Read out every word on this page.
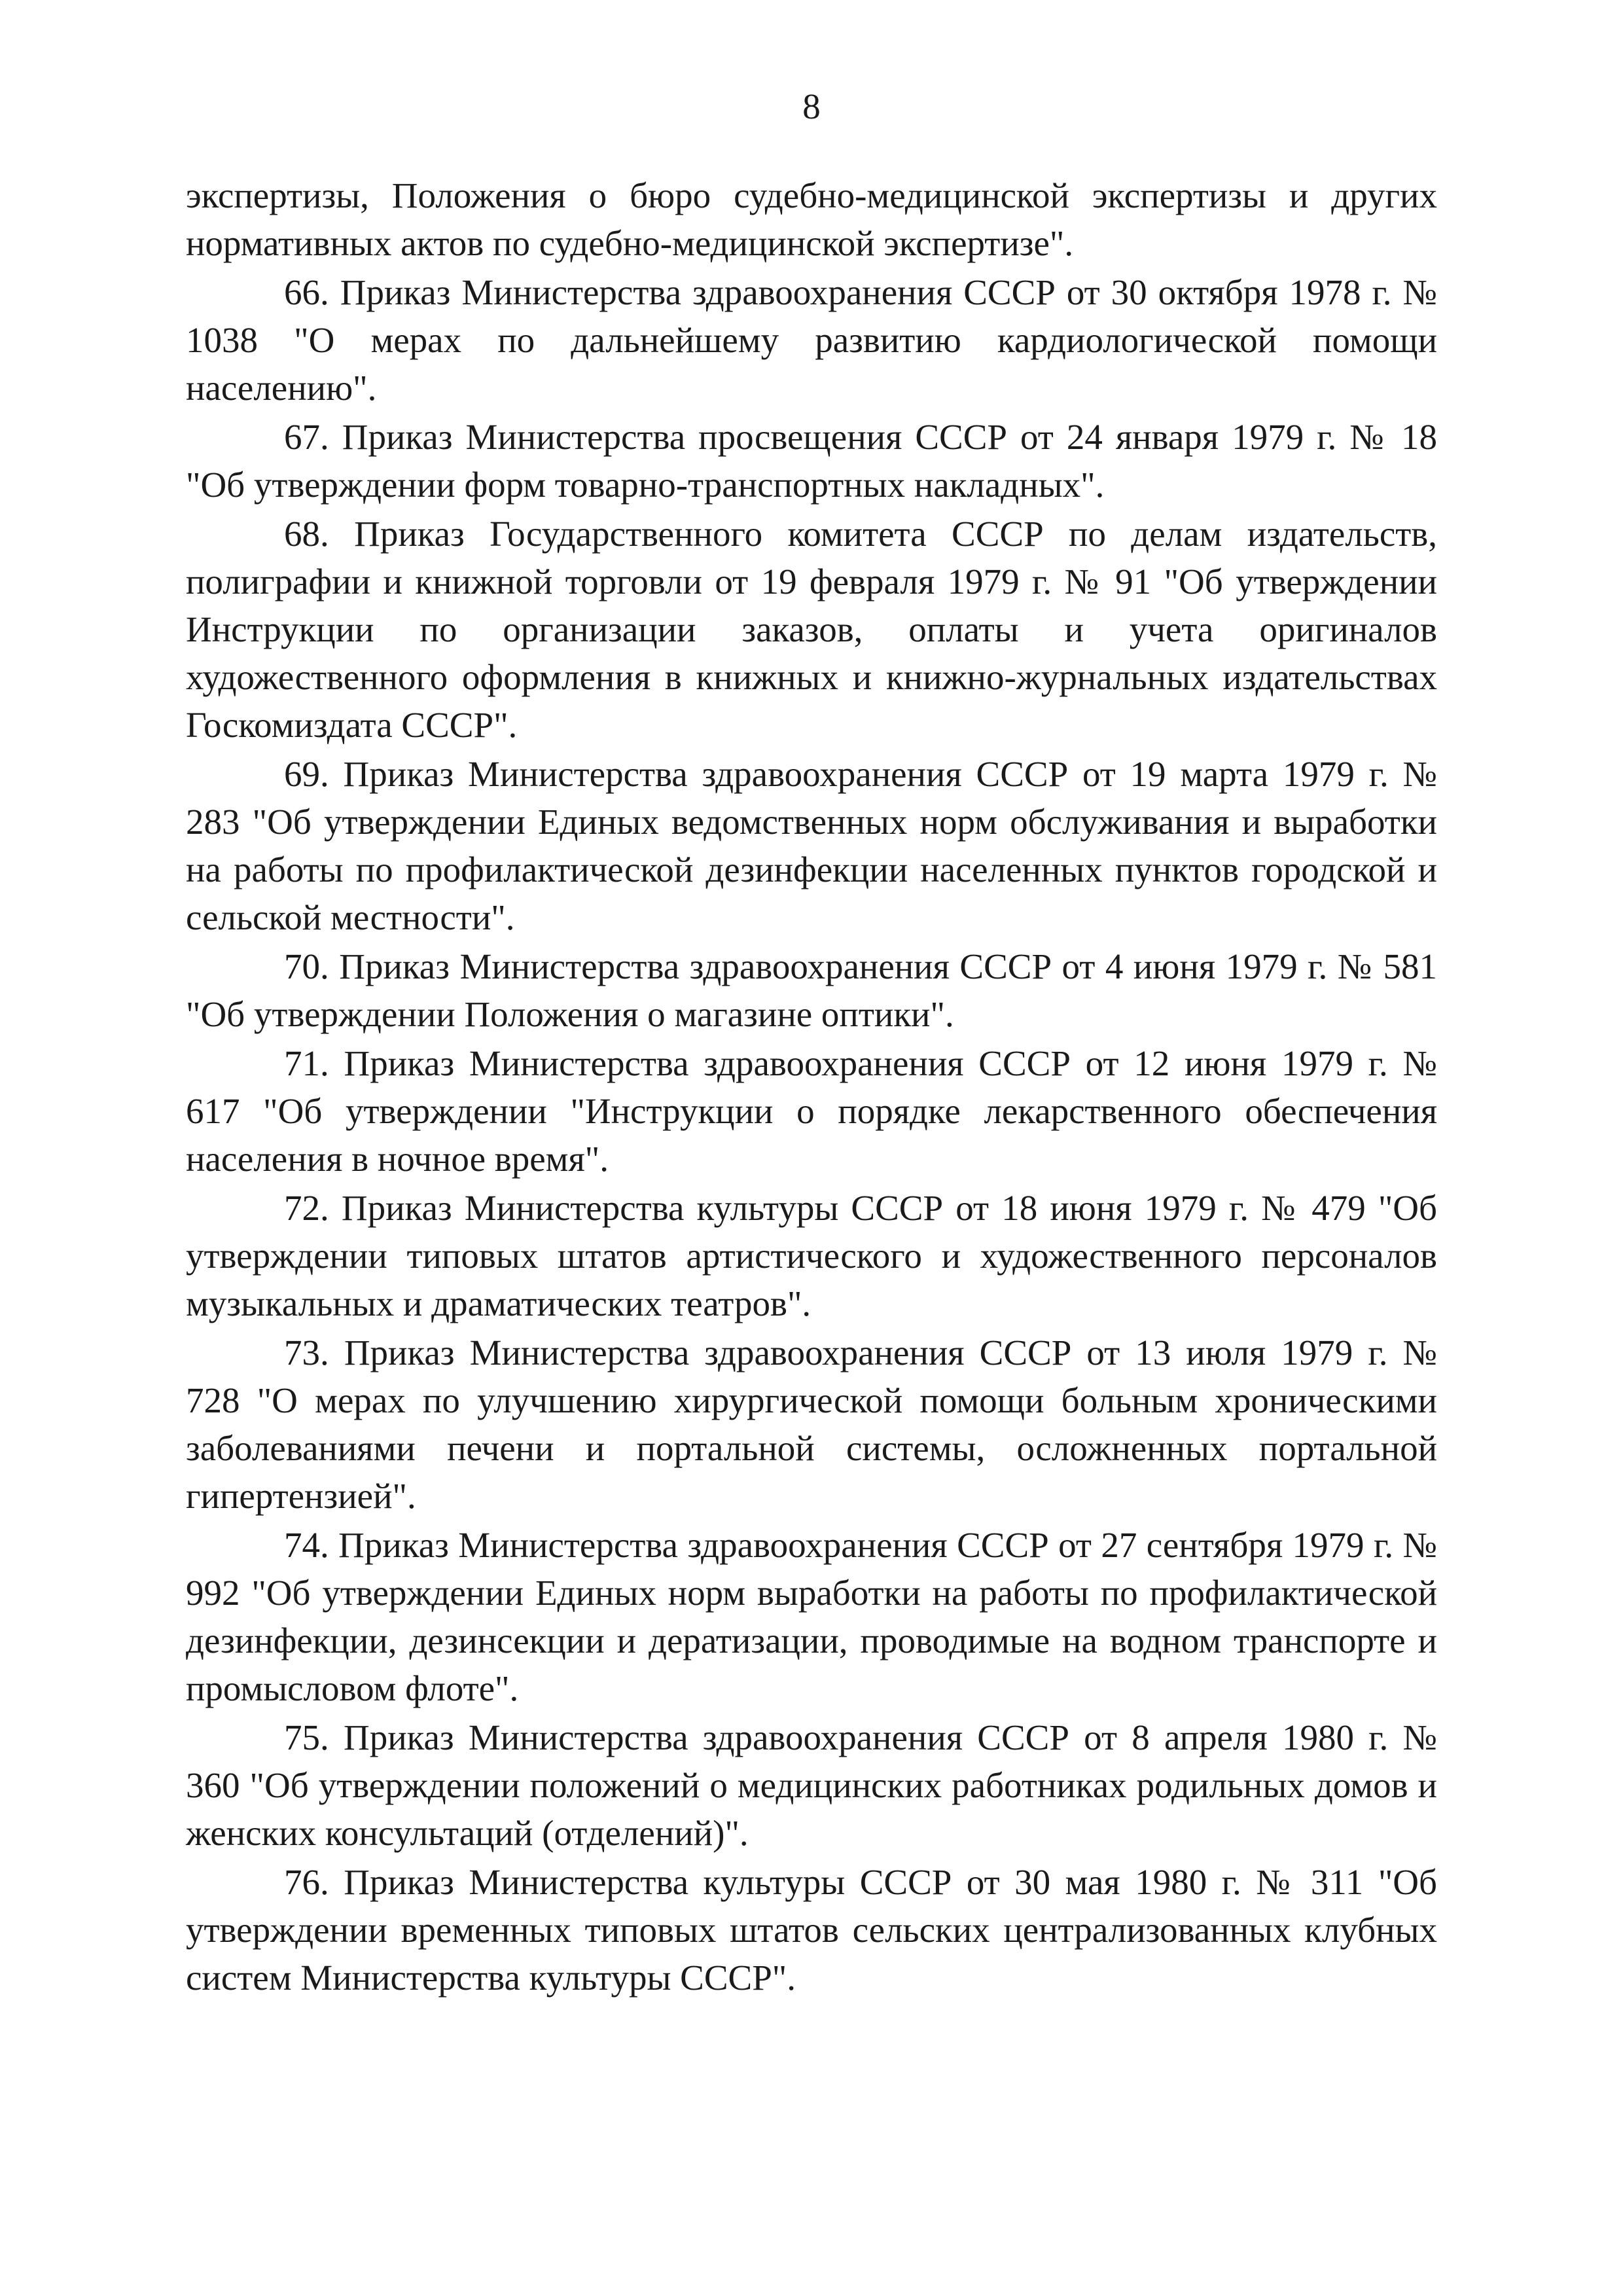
8

экспертизы, Положения о бюро судебно-медицинской экспертизы и других нормативных актов по судебно-медицинской экспертизе".

66. Приказ Министерства здравоохранения СССР от 30 октября 1978 г. № 1038 "О мерах по дальнейшему развитию кардиологической помощи населению".

67. Приказ Министерства просвещения СССР от 24 января 1979 г. № 18 "Об утверждении форм товарно-транспортных накладных".

68. Приказ Государственного комитета СССР по делам издательств, полиграфии и книжной торговли от 19 февраля 1979 г. № 91 "Об утверждении Инструкции по организации заказов, оплаты и учета оригиналов художественного оформления в книжных и книжно-журнальных издательствах Госкомиздата СССР".

69. Приказ Министерства здравоохранения СССР от 19 марта 1979 г. № 283 "Об утверждении Единых ведомственных норм обслуживания и выработки на работы по профилактической дезинфекции населенных пунктов городской и сельской местности".

70. Приказ Министерства здравоохранения СССР от 4 июня 1979 г. № 581 "Об утверждении Положения о магазине оптики".

71. Приказ Министерства здравоохранения СССР от 12 июня 1979 г. № 617 "Об утверждении "Инструкции о порядке лекарственного обеспечения населения в ночное время".

72. Приказ Министерства культуры СССР от 18 июня 1979 г. № 479 "Об утверждении типовых штатов артистического и художественного персоналов музыкальных и драматических театров".

73. Приказ Министерства здравоохранения СССР от 13 июля 1979 г. № 728 "О мерах по улучшению хирургической помощи больным хроническими заболеваниями печени и портальной системы, осложненных портальной гипертензией".

74. Приказ Министерства здравоохранения СССР от 27 сентября 1979 г. № 992 "Об утверждении Единых норм выработки на работы по профилактической дезинфекции, дезинсекции и дератизации, проводимые на водном транспорте и промысловом флоте".

75. Приказ Министерства здравоохранения СССР от 8 апреля 1980 г. № 360 "Об утверждении положений о медицинских работниках родильных домов и женских консультаций (отделений)".

76. Приказ Министерства культуры СССР от 30 мая 1980 г. № 311 "Об утверждении временных типовых штатов сельских централизованных клубных систем Министерства культуры СССР".
